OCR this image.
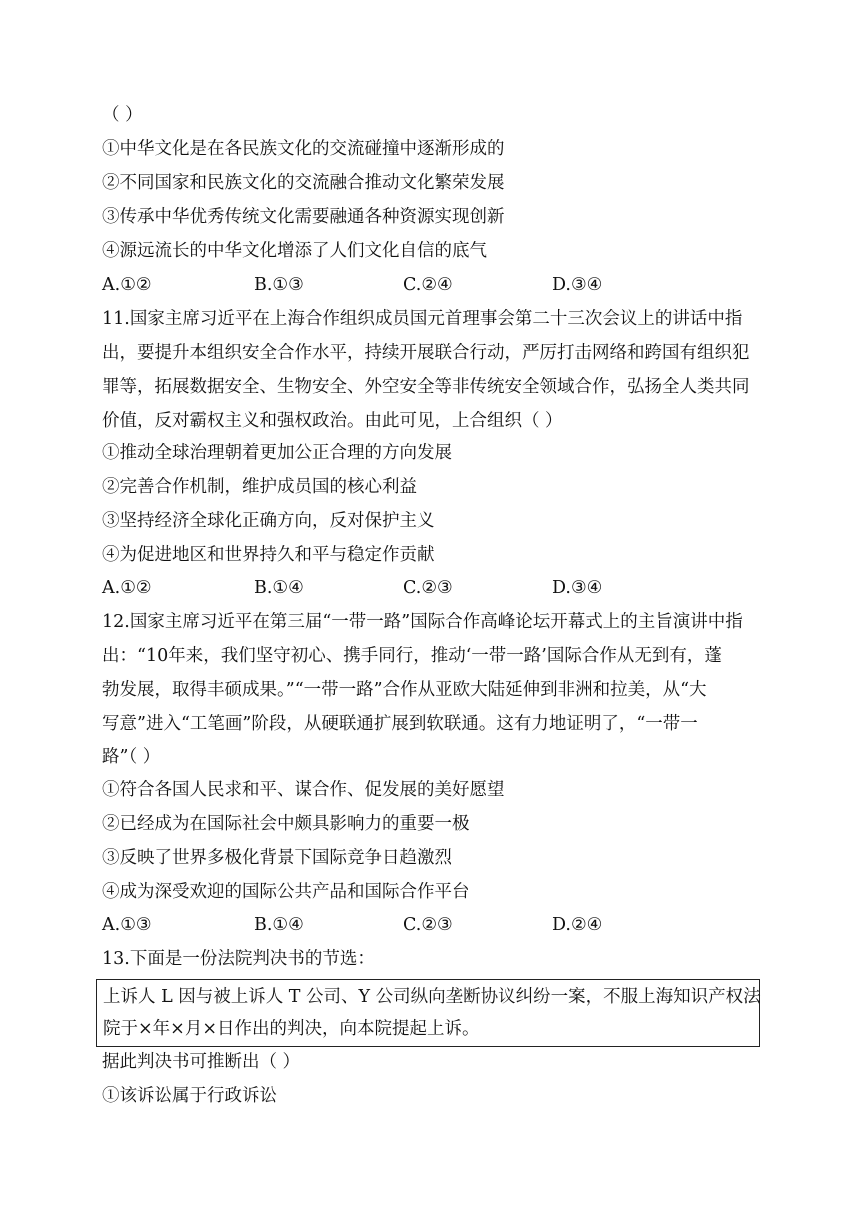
（ ）
①中华文化是在各民族文化的交流碰撞中逐渐形成的
②不同国家和民族文化的交流融合推动文化繁荣发展
③传承中华优秀传统文化需要融通各种资源实现创新
④源远流长的中华文化增添了人们文化自信的底气
A.①②	B.①③	C.②④	D.③④
11.国家主席习近平在上海合作组织成员国元首理事会第二十三次会议上的讲话中指
出，要提升本组织安全合作水平，持续开展联合行动，严厉打击网络和跨国有组织犯
罪等，拓展数据安全、生物安全、外空安全等非传统安全领域合作，弘扬全人类共同
价值，反对霸权主义和强权政治。由此可见，上合组织（ ）
①推动全球治理朝着更加公正合理的方向发展
②完善合作机制，维护成员国的核心利益
③坚持经济全球化正确方向，反对保护主义
④为促进地区和世界持久和平与稳定作贡献
A.①②	B.①④	C.②③	D.③④
12.国家主席习近平在第三届“一带一路”国际合作高峰论坛开幕式上的主旨演讲中指
出：“10年来，我们坚守初心、携手同行，推动‘一带一路’国际合作从无到有，蓬
勃发展，取得丰硕成果。”“一带一路”合作从亚欧大陆延伸到非洲和拉美，从“大
写意”进入“工笔画”阶段，从硬联通扩展到软联通。这有力地证明了，“一带一
路”（ ）
①符合各国人民求和平、谋合作、促发展的美好愿望
②已经成为在国际社会中颇具影响力的重要一极
③反映了世界多极化背景下国际竞争日趋激烈
④成为深受欢迎的国际公共产品和国际合作平台
A.①③	B.①④	C.②③	D.②④
13.下面是一份法院判决书的节选：
上诉人 L 因与被上诉人 T 公司、Y 公司纵向垄断协议纠纷一案，不服上海知识产权法
院于×年×月×日作出的判决，向本院提起上诉。
据此判决书可推断出（ ）
①该诉讼属于行政诉讼
